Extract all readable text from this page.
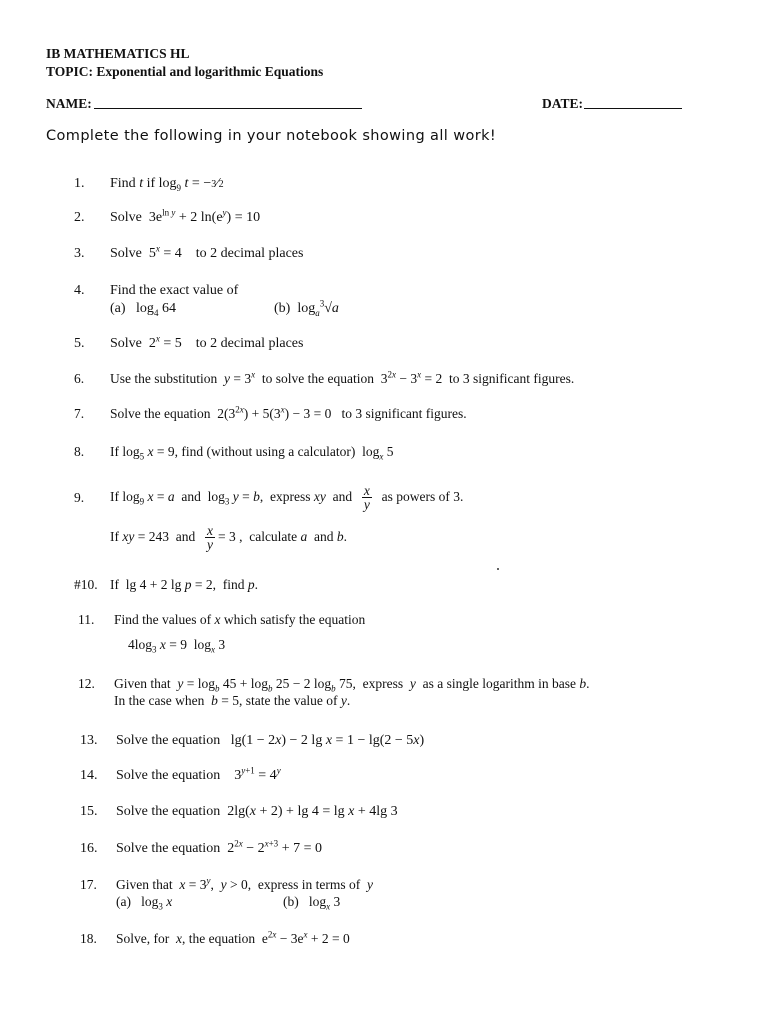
IB MATHEMATICS HL
TOPIC: Exponential and logarithmic Equations
NAME:	DATE:
Complete the following in your notebook showing all work!
1. Find t if $\log_9 t$ = −3⁄2
2. Solve  $3e^{ln y} + 2$ $\ln(e^y) = 10$
3. Solve  $5^x = 4$    to 2 decimal places
4. Find the exact value of
(a)   $\log_4 64$	(b)  $\log_a^3√a$
5. Solve  $2^x = 5$    to 2 decimal places
6. Use the substitution  $y = 3^x$  to solve the equation  $3^{2x} - 3^x = 2$  to 3 significant figures.
7. Solve the equation  $2(3^{2x}) + 5(3^x) - 3 = 0$   to 3 significant figures.
8. If $\log_5 x = 9$, find (without using a calculator)  $\log_x 5$
9. If $\log_9 x = a$  and  $\log_3 y = b$,  express xy  and $\frac{x}{y}$ as powers of 3.
If xy = 243  and $\frac{x}{y} = 3$ ,  calculate a  and b.
#10. If  lg 4 + 2 lg p = 2,  find p.
11. Find the values of x which satisfy the equation
$4\log_3$ x = 9  $\log_x 3$
12. Given that  $y = \log_b 45 + \log_b 25 - 2$ $\log_b 75$,  express  y  as a single logarithm in base b.
In the case when  b = 5, state the value of y.
13. Solve the equation   lg(1 − 2x) − 2 lg x = 1 − lg(2 − 5x)
14. Solve the equation    $3^{y+1} = 4^y$
15. Solve the equation  2lg(x + 2) + lg 4 = lg x + 4lg 3
16. Solve the equation  $2^{2x} - 2^{x+3} + 7 = 0$
17. Given that  $x = 3^y$,  y > 0,  express in terms of  y
(a)   $\log_3 x$	(b)   $\log_x 3$
18. Solve, for  x, the equation  $e^{2x} - 3e^x + 2 = 0$
